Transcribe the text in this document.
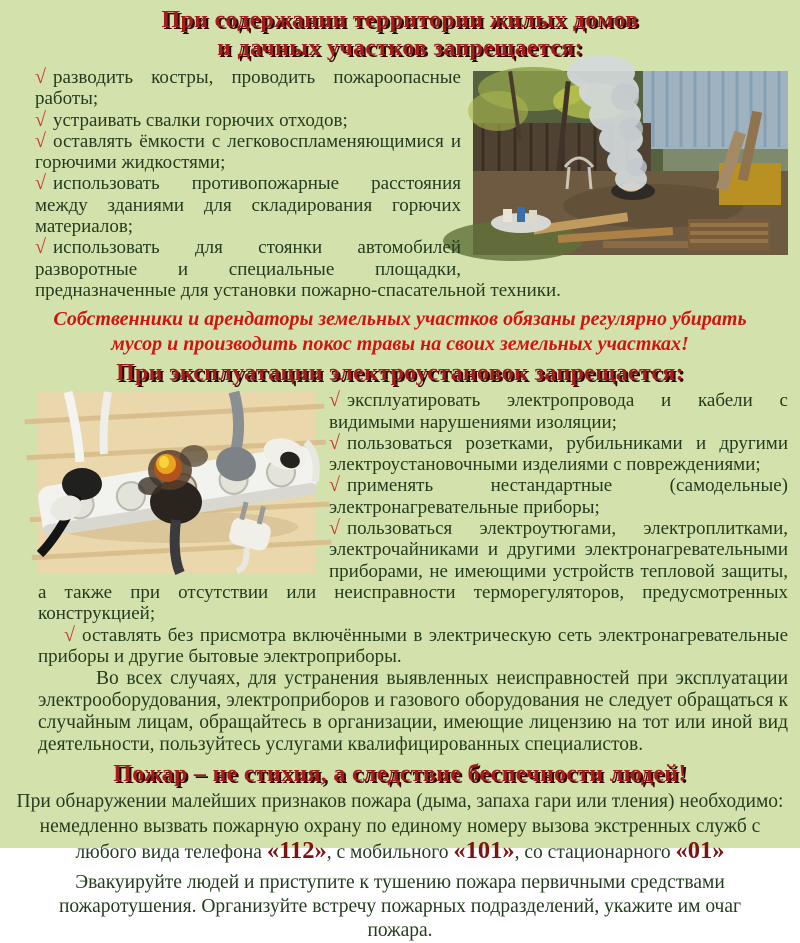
При содержании территории жилых домов
и дачных участков запрещается:

√ разводить костры, проводить пожароопасные работы;

√ устраивать свалки горючих отходов;

√ оставлять ёмкости с легковоспламеняющимися и горючими жидкостями;

√ использовать противопожарные расстояния между зданиями для складирования горючих материалов;

√ использовать для стоянки автомобилей разворотные и специальные площадки, предназначенные для установки пожарно-спасательной техники.

Собственники и арендаторы земельных участков обязаны регулярно убирать мусор и производить покос травы на своих земельных участках!
При эксплуатации электроустановок запрещается:

√ эксплуатировать электропровода и кабели с видимыми нарушениями изоляции;

√ пользоваться розетками, рубильниками и другими электроустановочными изделиями с повреждениями;

√ применять нестандартные (самодельные) электронагревательные приборы;

√ пользоваться электроутюгами, электроплитками, электрочайниками и другими электронагревательными приборами, не имеющими устройств тепловой защиты, а также при отсутствии или неисправности терморегуляторов, предусмотренных конструкцией;

√ оставлять без присмотра включёнными в электрическую сеть электронагревательные приборы и другие бытовые электроприборы.

Во всех случаях, для устранения выявленных неисправностей при эксплуатации электрооборудования, электроприборов и газового оборудования не следует обращаться к случайным лицам, обращайтесь в организации, имеющие лицензию на тот или иной вид деятельности, пользуйтесь услугами квалифицированных специалистов.

Пожар – не стихия, а следствие беспечности людей!

При обнаружении малейших признаков пожара (дыма, запаха гари или тления) необходимо:

немедленно вызвать пожарную охрану по единому номеру вызова экстренных служб с

любого вида телефона «112», с мобильного «101», со стационарного «01»

Эвакуируйте людей и приступите к тушению пожара первичными средствами пожаротушения. Организуйте встречу пожарных подразделений, укажите им очаг пожара.
